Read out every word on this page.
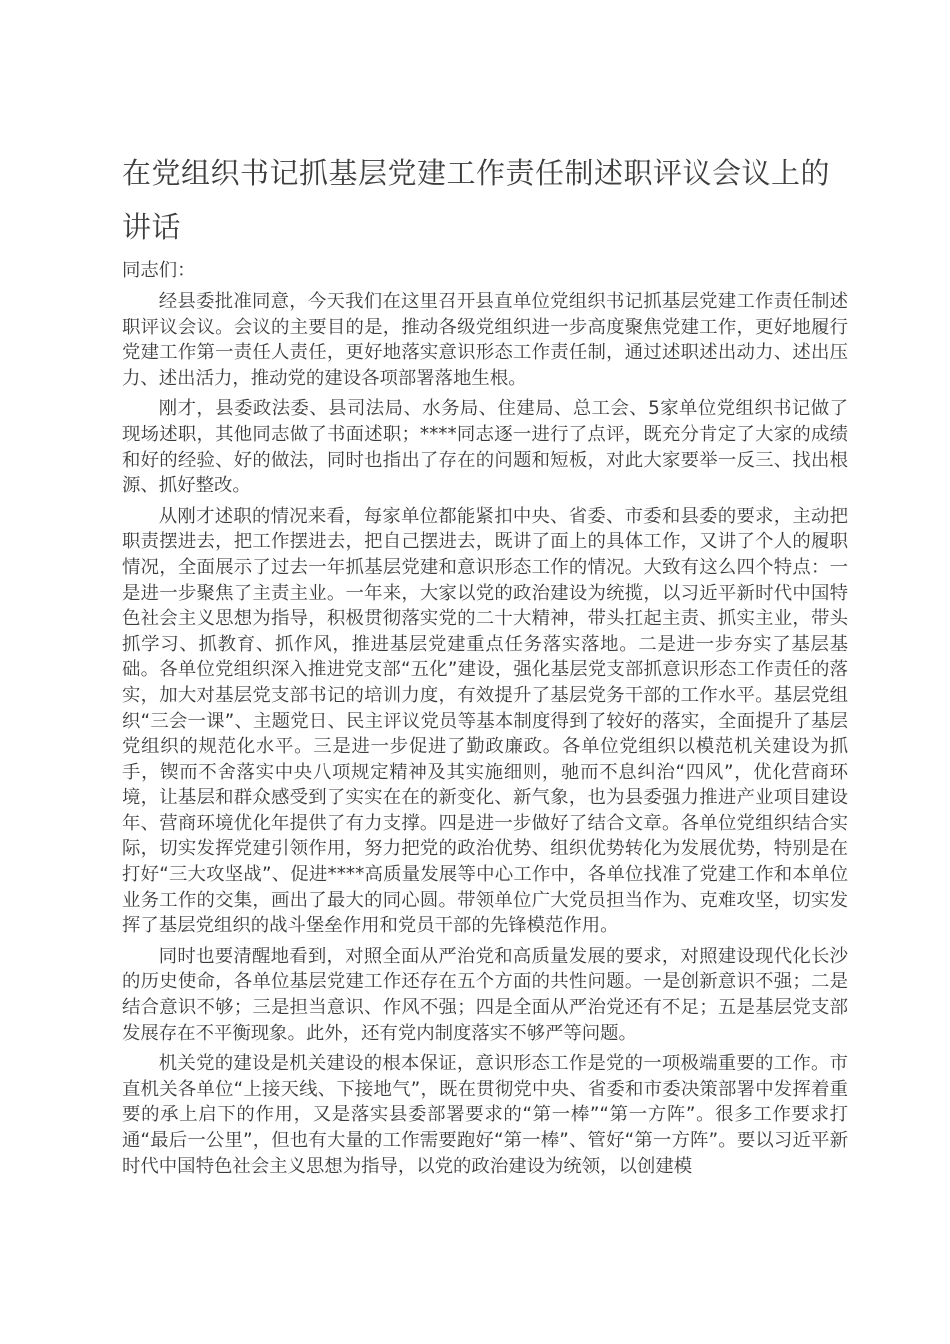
在党组织书记抓基层党建工作责任制述职评议会议上的讲话

同志们：

经县委批准同意，今天我们在这里召开县直单位党组织书记抓基层党建工作责任制述职评议会议。会议的主要目的是，推动各级党组织进一步高度聚焦党建工作，更好地履行党建工作第一责任人责任，更好地落实意识形态工作责任制，通过述职述出动力、述出压力、述出活力，推动党的建设各项部署落地生根。

刚才，县委政法委、县司法局、水务局、住建局、总工会、5家单位党组织书记做了现场述职，其他同志做了书面述职；****同志逐一进行了点评，既充分肯定了大家的成绩和好的经验、好的做法，同时也指出了存在的问题和短板，对此大家要举一反三、找出根源、抓好整改。

从刚才述职的情况来看，每家单位都能紧扣中央、省委、市委和县委的要求，主动把职责摆进去，把工作摆进去，把自己摆进去，既讲了面上的具体工作，又讲了个人的履职情况，全面展示了过去一年抓基层党建和意识形态工作的情况。大致有这么四个特点：一是进一步聚焦了主责主业。一年来，大家以党的政治建设为统揽，以习近平新时代中国特色社会主义思想为指导，积极贯彻落实党的二十大精神，带头扛起主责、抓实主业，带头抓学习、抓教育、抓作风，推进基层党建重点任务落实落地。二是进一步夯实了基层基础。各单位党组织深入推进党支部“五化”建设，强化基层党支部抓意识形态工作责任的落实，加大对基层党支部书记的培训力度，有效提升了基层党务干部的工作水平。基层党组织“三会一课”、主题党日、民主评议党员等基本制度得到了较好的落实，全面提升了基层党组织的规范化水平。三是进一步促进了勤政廉政。各单位党组织以模范机关建设为抓手，锲而不舍落实中央八项规定精神及其实施细则，驰而不息纠治“四风”，优化营商环境，让基层和群众感受到了实实在在的新变化、新气象，也为县委强力推进产业项目建设年、营商环境优化年提供了有力支撑。四是进一步做好了结合文章。各单位党组织结合实际，切实发挥党建引领作用，努力把党的政治优势、组织优势转化为发展优势，特别是在打好“三大攻坚战”、促进****高质量发展等中心工作中，各单位找准了党建工作和本单位业务工作的交集，画出了最大的同心圆。带领单位广大党员担当作为、克难攻坚，切实发挥了基层党组织的战斗堡垒作用和党员干部的先锋模范作用。

同时也要清醒地看到，对照全面从严治党和高质量发展的要求，对照建设现代化长沙的历史使命，各单位基层党建工作还存在五个方面的共性问题。一是创新意识不强；二是结合意识不够；三是担当意识、作风不强；四是全面从严治党还有不足；五是基层党支部发展存在不平衡现象。此外，还有党内制度落实不够严等问题。

机关党的建设是机关建设的根本保证，意识形态工作是党的一项极端重要的工作。市直机关各单位“上接天线、下接地气”，既在贯彻党中央、省委和市委决策部署中发挥着重要的承上启下的作用，又是落实县委部署要求的“第一棒”“第一方阵”。很多工作要求打通“最后一公里”，但也有大量的工作需要跑好“第一棒”、管好“第一方阵”。要以习近平新时代中国特色社会主义思想为指导，以党的政治建设为统领，以创建模
